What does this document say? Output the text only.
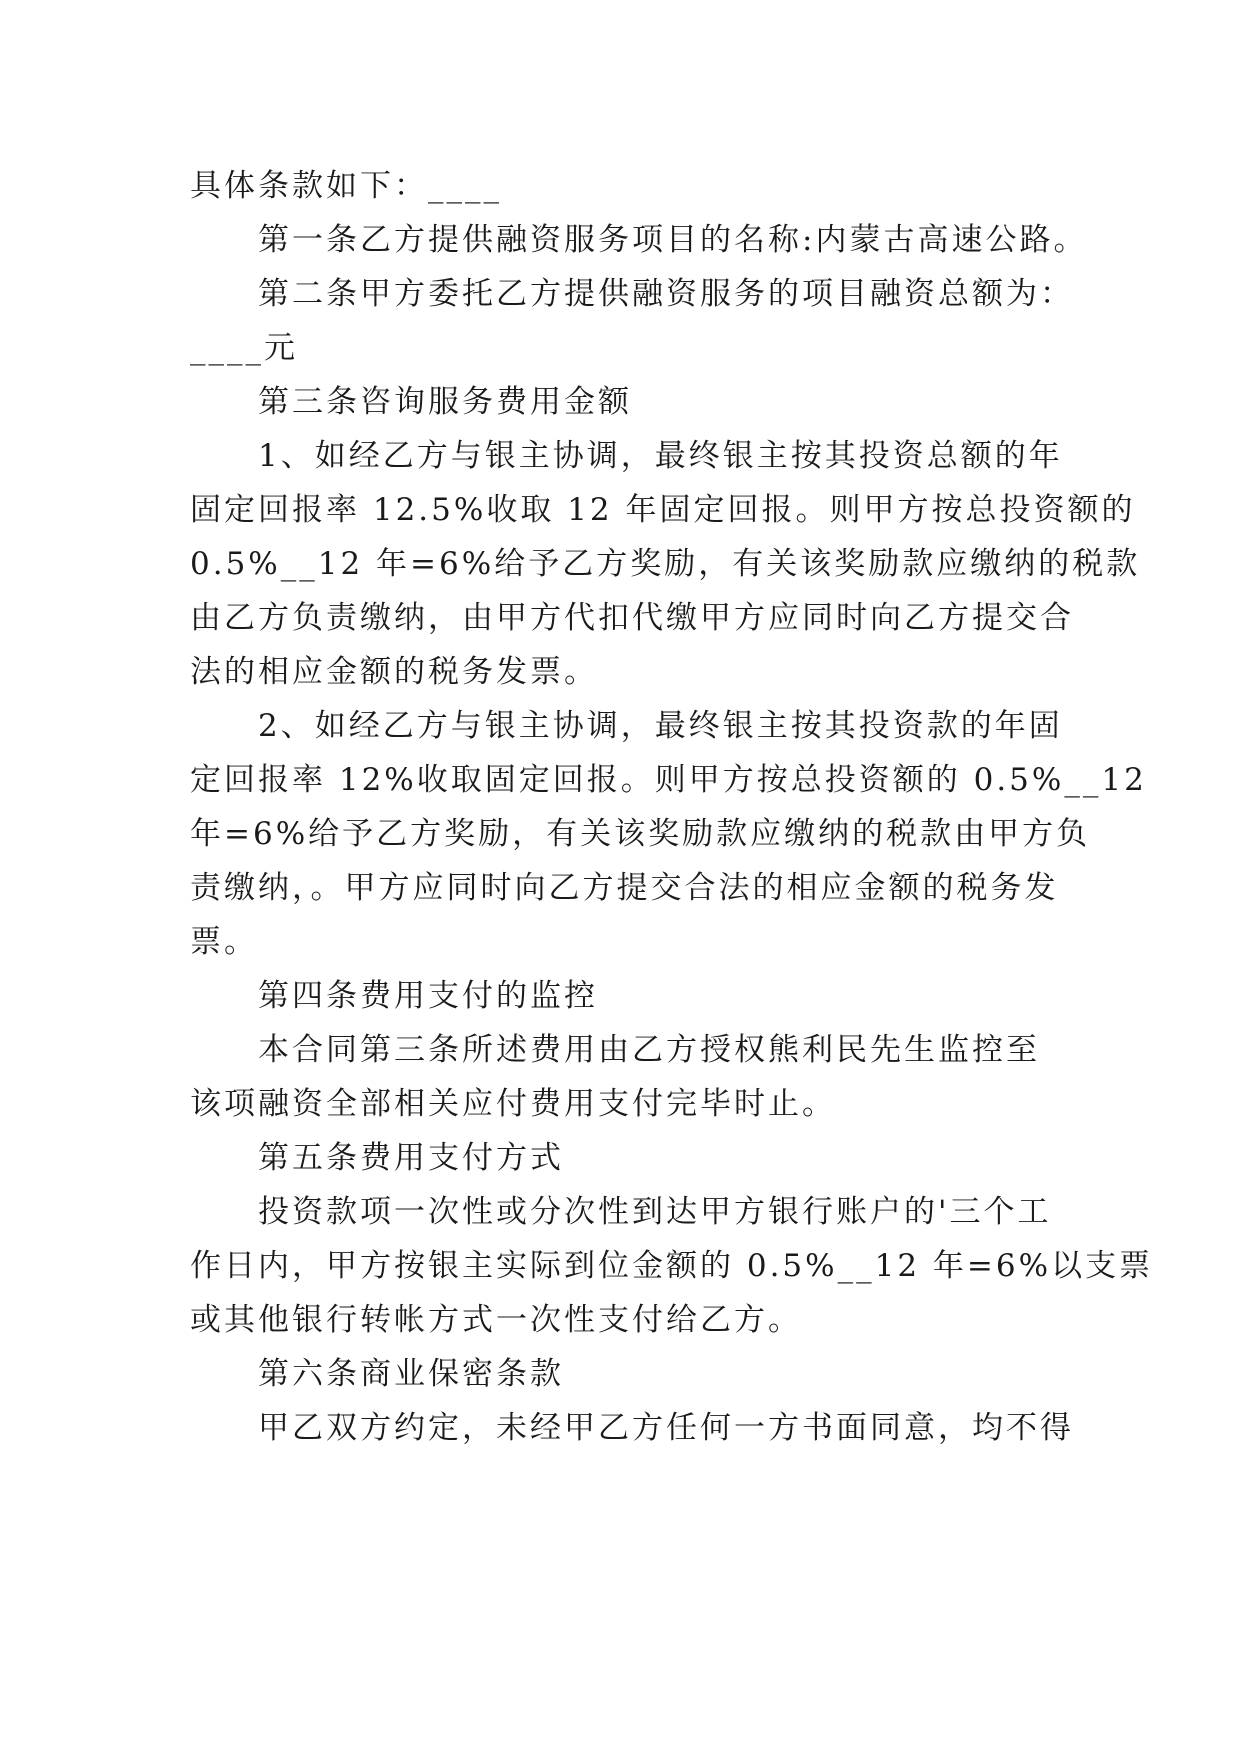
具体条款如下：____
第一条乙方提供融资服务项目的名称:内蒙古高速公路。
第二条甲方委托乙方提供融资服务的项目融资总额为：
____元
第三条咨询服务费用金额
1、如经乙方与银主协调，最终银主按其投资总额的年
固定回报率 12.5%收取 12 年固定回报。则甲方按总投资额的
0.5%__12 年=6%给予乙方奖励，有关该奖励款应缴纳的税款
由乙方负责缴纳，由甲方代扣代缴甲方应同时向乙方提交合
法的相应金额的税务发票。
2、如经乙方与银主协调，最终银主按其投资款的年固
定回报率 12%收取固定回报。则甲方按总投资额的 0.5%__12
年=6%给予乙方奖励，有关该奖励款应缴纳的税款由甲方负
责缴纳，。甲方应同时向乙方提交合法的相应金额的税务发
票。
第四条费用支付的监控
本合同第三条所述费用由乙方授权熊利民先生监控至
该项融资全部相关应付费用支付完毕时止。
第五条费用支付方式
投资款项一次性或分次性到达甲方银行账户的'三个工
作日内，甲方按银主实际到位金额的 0.5%__12 年=6%以支票
或其他银行转帐方式一次性支付给乙方。
第六条商业保密条款
甲乙双方约定，未经甲乙方任何一方书面同意，均不得
